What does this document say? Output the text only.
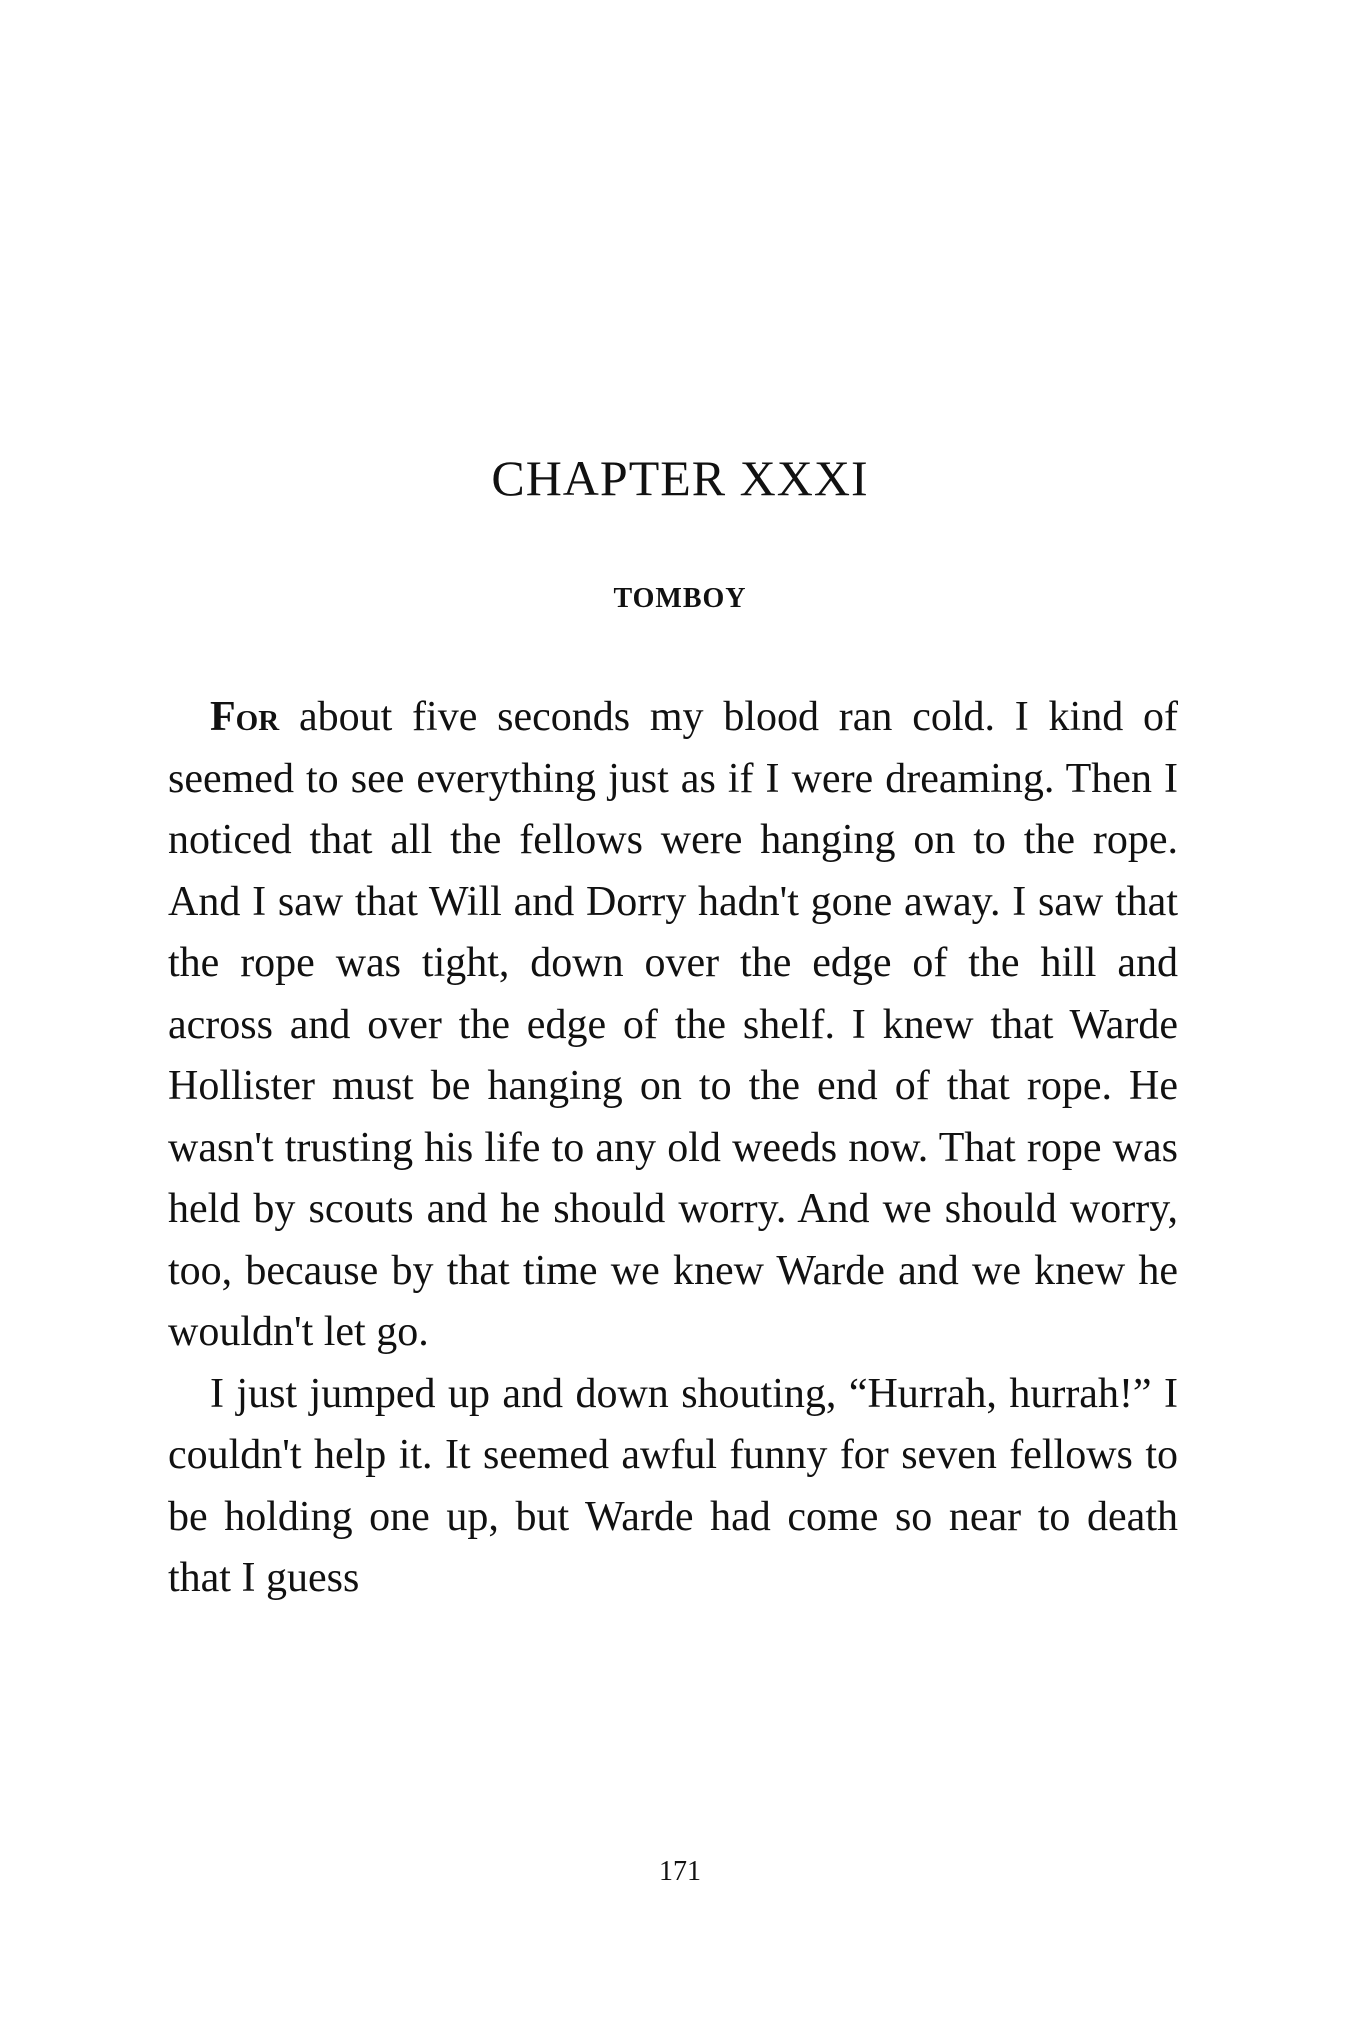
CHAPTER XXXI
TOMBOY

For about five seconds my blood ran cold. I kind of seemed to see everything just as if I were dreaming. Then I noticed that all the fellows were hanging on to the rope. And I saw that Will and Dorry hadn't gone away. I saw that the rope was tight, down over the edge of the hill and across and over the edge of the shelf. I knew that Warde Hollister must be hanging on to the end of that rope. He wasn't trusting his life to any old weeds now. That rope was held by scouts and he should worry. And we should worry, too, because by that time we knew Warde and we knew he wouldn't let go.

I just jumped up and down shouting, “Hurrah, hurrah!” I couldn't help it. It seemed awful funny for seven fellows to be holding one up, but Warde had come so near to death that I guess

171
